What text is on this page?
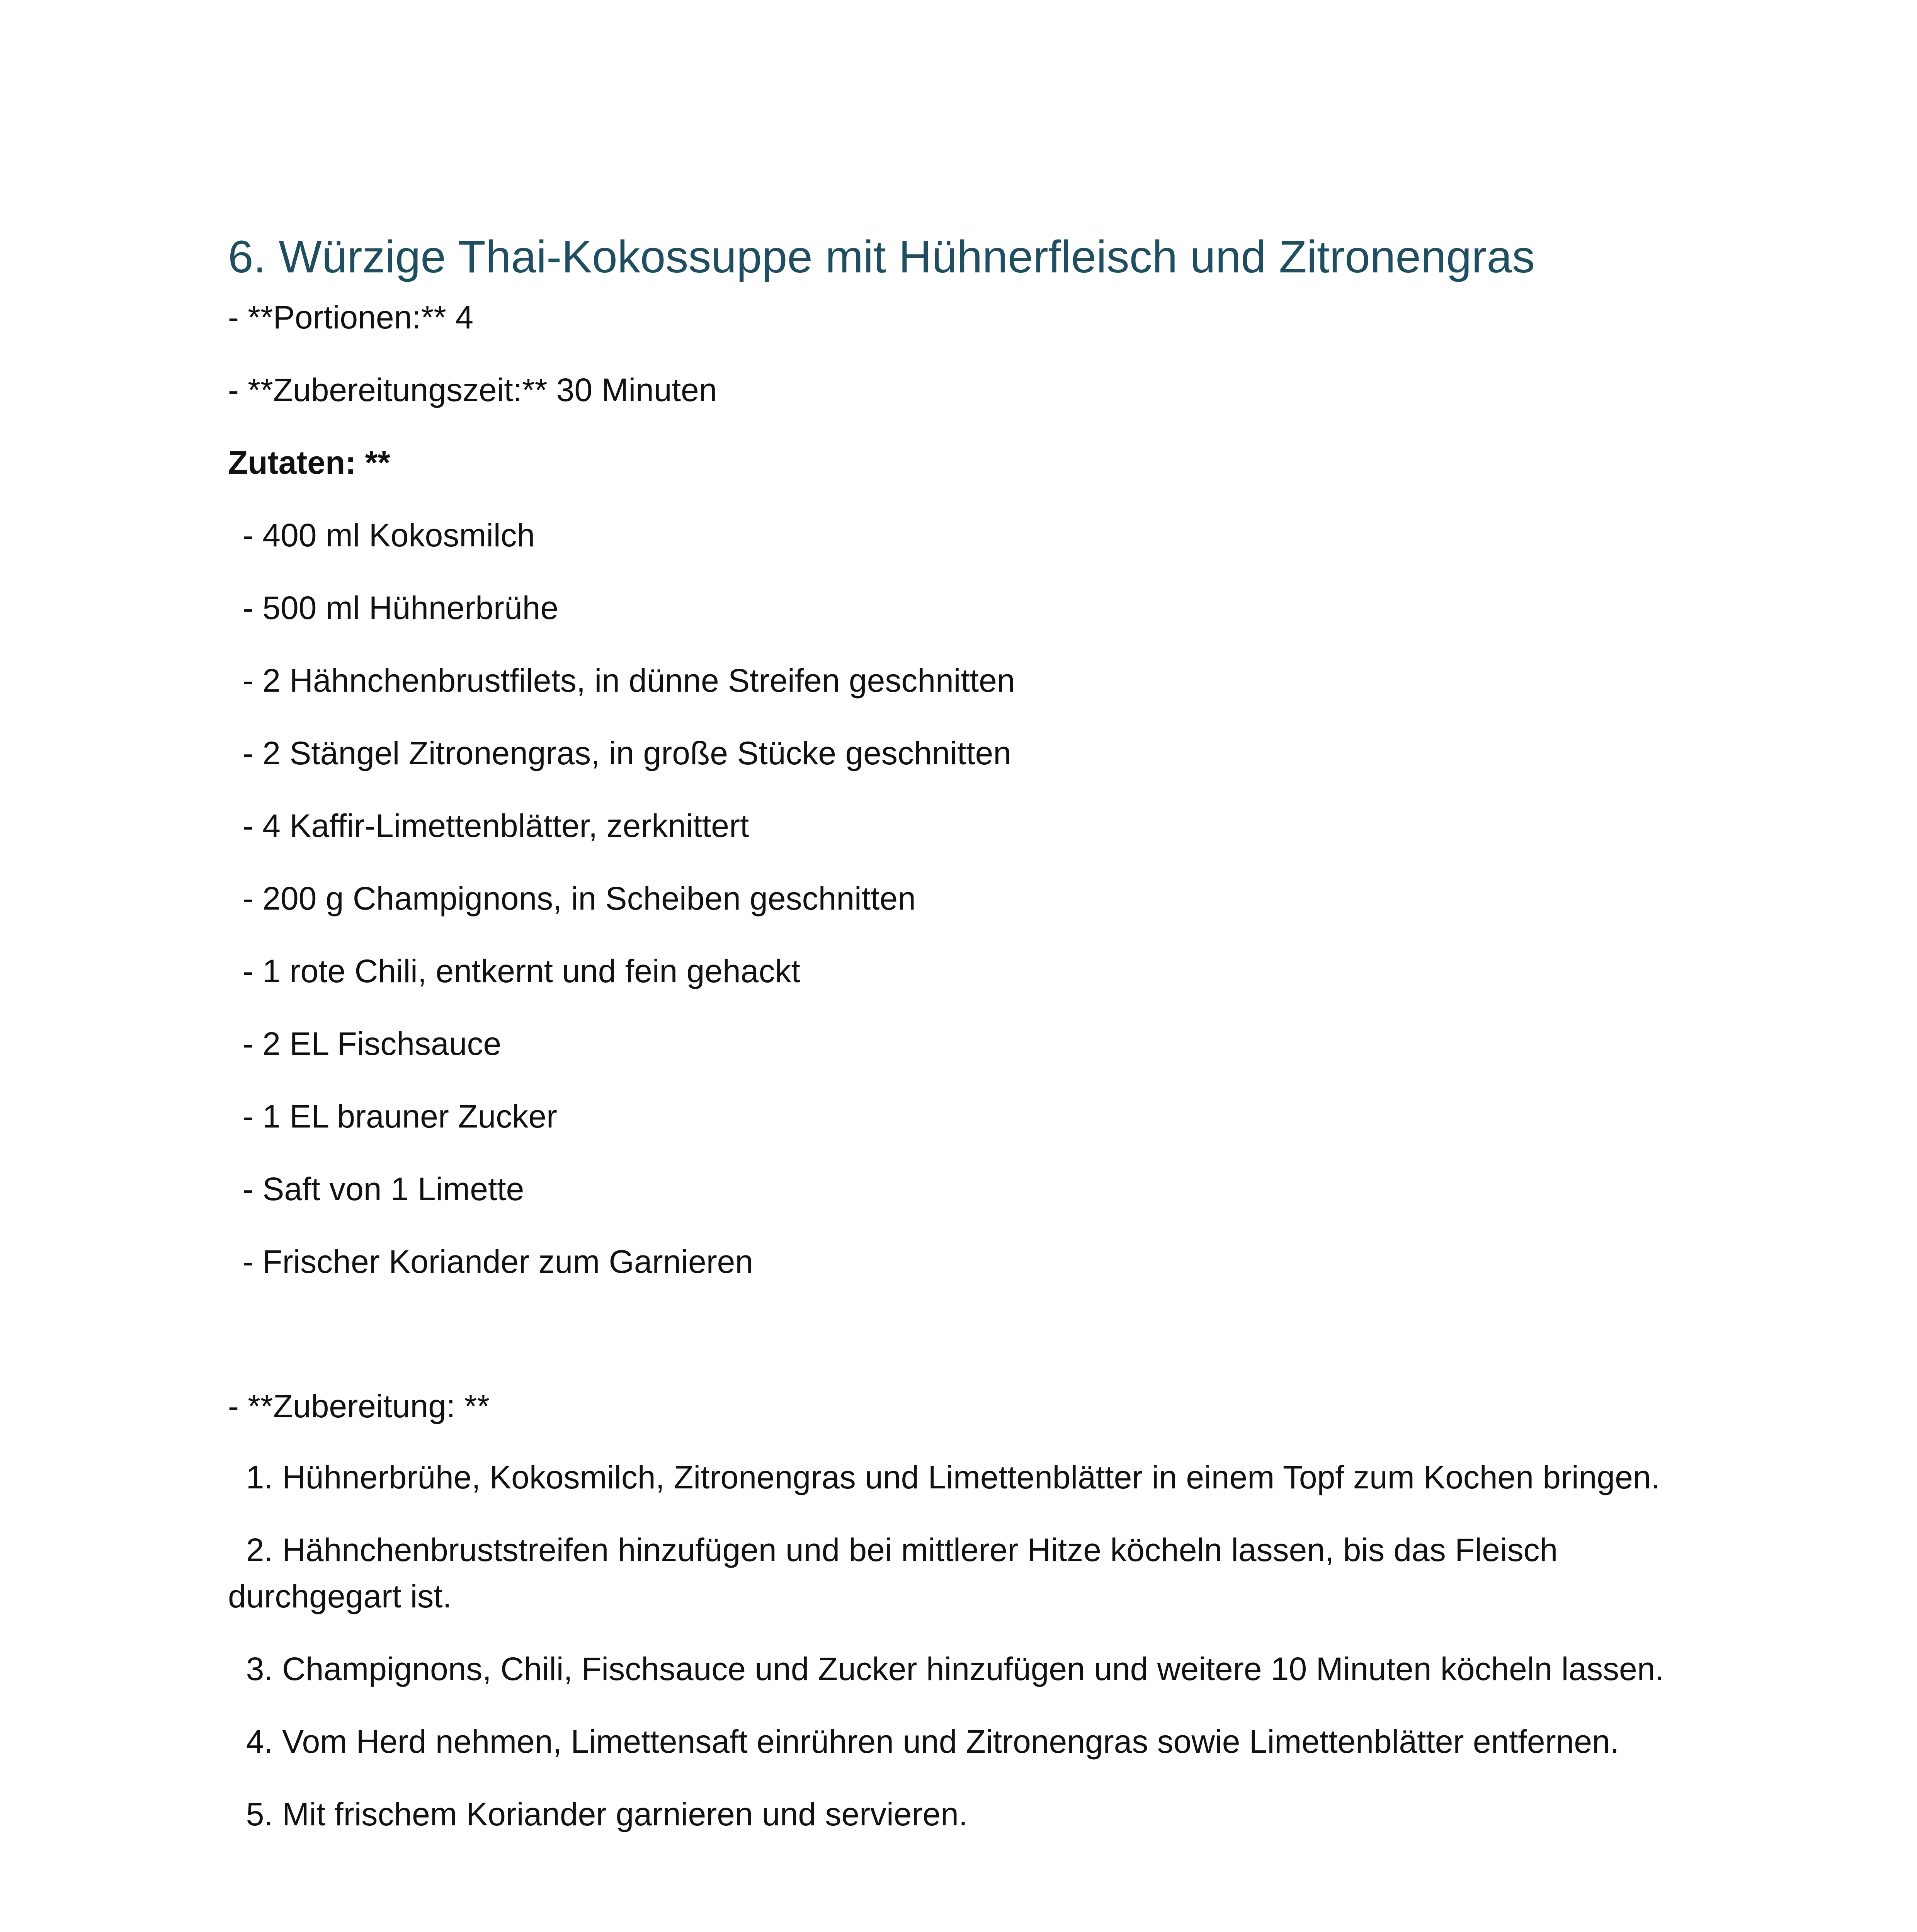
6. Würzige Thai-Kokossuppe mit Hühnerfleisch und Zitronengras

- **Portionen:** 4

- **Zubereitungszeit:** 30 Minuten

Zutaten: **

- 400 ml Kokosmilch
- 500 ml Hühnerbrühe
- 2 Hähnchenbrustfilets, in dünne Streifen geschnitten
- 2 Stängel Zitronengras, in große Stücke geschnitten
- 4 Kaffir-Limettenblätter, zerknittert
- 200 g Champignons, in Scheiben geschnitten
- 1 rote Chili, entkernt und fein gehackt
- 2 EL Fischsauce
- 1 EL brauner Zucker
- Saft von 1 Limette
- Frischer Koriander zum Garnieren

- **Zubereitung: **

1. Hühnerbrühe, Kokosmilch, Zitronengras und Limettenblätter in einem Topf zum Kochen bringen.
2. Hähnchenbruststreifen hinzufügen und bei mittlerer Hitze köcheln lassen, bis das Fleisch durchgegart ist.
3. Champignons, Chili, Fischsauce und Zucker hinzufügen und weitere 10 Minuten köcheln lassen.
4. Vom Herd nehmen, Limettensaft einrühren und Zitronengras sowie Limettenblätter entfernen.
5. Mit frischem Koriander garnieren und servieren.
